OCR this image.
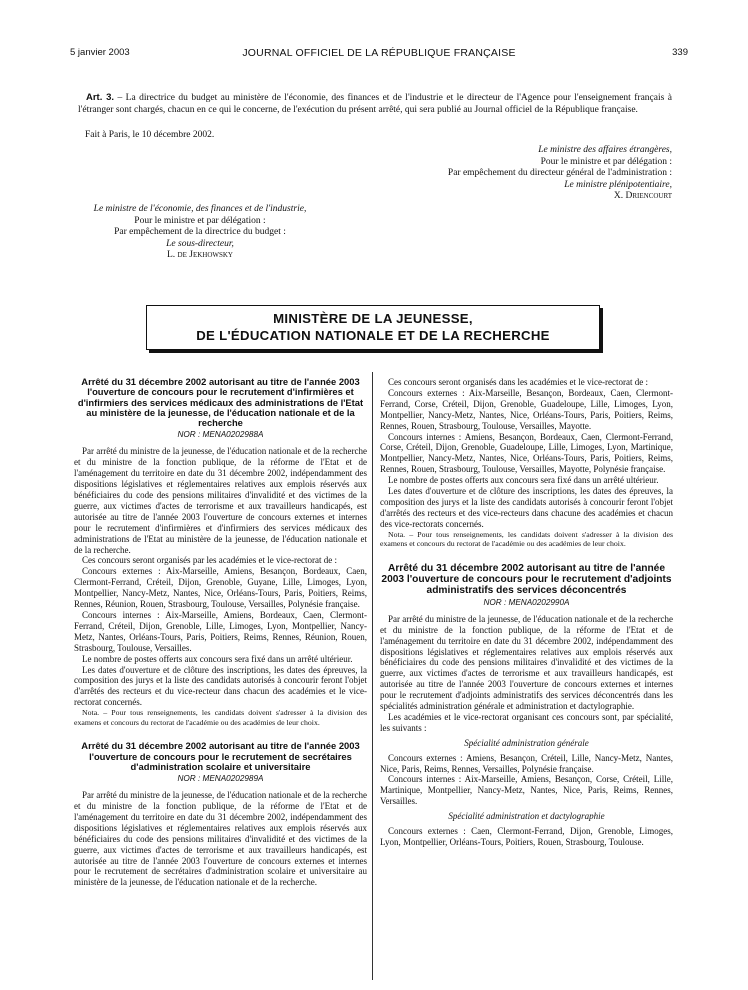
5 janvier 2003	JOURNAL OFFICIEL DE LA RÉPUBLIQUE FRANÇAISE	339
Art. 3. – La directrice du budget au ministère de l'économie, des finances et de l'industrie et le directeur de l'Agence pour l'enseignement français à l'étranger sont chargés, chacun en ce qui le concerne, de l'exécution du présent arrêté, qui sera publié au Journal officiel de la République française.
Fait à Paris, le 10 décembre 2002.
Le ministre des affaires étrangères,
Pour le ministre et par délégation :
Par empêchement du directeur général de l'administration :
Le ministre plénipotentiaire,
X. Driencourt
Le ministre de l'économie, des finances et de l'industrie,
Pour le ministre et par délégation :
Par empêchement de la directrice du budget :
Le sous-directeur,
L. de Jekhowsky
MINISTÈRE DE LA JEUNESSE,
DE L'ÉDUCATION NATIONALE ET DE LA RECHERCHE
Arrêté du 31 décembre 2002 autorisant au titre de l'année 2003 l'ouverture de concours pour le recrutement d'infirmières et d'infirmiers des services médicaux des administrations de l'Etat au ministère de la jeunesse, de l'éducation nationale et de la recherche
NOR : MENA0202988A

Par arrêté du ministre de la jeunesse, de l'éducation nationale et de la recherche et du ministre de la fonction publique, de la réforme de l'Etat et de l'aménagement du territoire en date du 31 décembre 2002, indépendamment des dispositions législatives et réglementaires relatives aux emplois réservés aux bénéficiaires du code des pensions militaires d'invalidité et des victimes de la guerre, aux victimes d'actes de terrorisme et aux travailleurs handicapés, est autorisée au titre de l'année 2003 l'ouverture de concours externes et internes pour le recrutement d'infirmières et d'infirmiers des services médicaux des administrations de l'Etat au ministère de la jeunesse, de l'éducation nationale et de la recherche.

Ces concours seront organisés par les académies et le vice-rectorat de :

Concours externes : Aix-Marseille, Amiens, Besançon, Bordeaux, Caen, Clermont-Ferrand, Créteil, Dijon, Grenoble, Guyane, Lille, Limoges, Lyon, Montpellier, Nancy-Metz, Nantes, Nice, Orléans-Tours, Paris, Poitiers, Reims, Rennes, Réunion, Rouen, Strasbourg, Toulouse, Versailles, Polynésie française.

Concours internes : Aix-Marseille, Amiens, Bordeaux, Caen, Clermont-Ferrand, Créteil, Dijon, Grenoble, Lille, Limoges, Lyon, Montpellier, Nancy-Metz, Nantes, Orléans-Tours, Paris, Poitiers, Reims, Rennes, Réunion, Rouen, Strasbourg, Toulouse, Versailles.

Le nombre de postes offerts aux concours sera fixé dans un arrêté ultérieur.

Les dates d'ouverture et de clôture des inscriptions, les dates des épreuves, la composition des jurys et la liste des candidats autorisés à concourir feront l'objet d'arrêtés des recteurs et du vice-recteur dans chacun des académies et le vice-rectorat concernés.

Nota. – Pour tous renseignements, les candidats doivent s'adresser à la division des examens et concours du rectorat de l'académie ou des académies de leur choix.

Arrêté du 31 décembre 2002 autorisant au titre de l'année 2003 l'ouverture de concours pour le recrutement de secrétaires d'administration scolaire et universitaire
NOR : MENA0202989A

Par arrêté du ministre de la jeunesse, de l'éducation nationale et de la recherche et du ministre de la fonction publique, de la réforme de l'Etat et de l'aménagement du territoire en date du 31 décembre 2002, indépendamment des dispositions législatives et réglementaires relatives aux emplois réservés aux bénéficiaires du code des pensions militaires d'invalidité et des victimes de la guerre, aux victimes d'actes de terrorisme et aux travailleurs handicapés, est autorisée au titre de l'année 2003 l'ouverture de concours externes et internes pour le recrutement de secrétaires d'administration scolaire et universitaire au ministère de la jeunesse, de l'éducation nationale et de la recherche.

Ces concours seront organisés dans les académies et le vice-rectorat de :

Concours externes : Aix-Marseille, Besançon, Bordeaux, Caen, Clermont-Ferrand, Corse, Créteil, Dijon, Grenoble, Guadeloupe, Lille, Limoges, Lyon, Montpellier, Nancy-Metz, Nantes, Nice, Orléans-Tours, Paris, Poitiers, Reims, Rennes, Rouen, Strasbourg, Toulouse, Versailles, Mayotte.

Concours internes : Amiens, Besançon, Bordeaux, Caen, Clermont-Ferrand, Corse, Créteil, Dijon, Grenoble, Guadeloupe, Lille, Limoges, Lyon, Martinique, Montpellier, Nancy-Metz, Nantes, Nice, Orléans-Tours, Paris, Poitiers, Reims, Rennes, Rouen, Strasbourg, Toulouse, Versailles, Mayotte, Polynésie française.

Le nombre de postes offerts aux concours sera fixé dans un arrêté ultérieur.

Les dates d'ouverture et de clôture des inscriptions, les dates des épreuves, la composition des jurys et la liste des candidats autorisés à concourir feront l'objet d'arrêtés des recteurs et des vice-recteurs dans chacune des académies et chacun des vice-rectorats concernés.

Nota. – Pour tous renseignements, les candidats doivent s'adresser à la division des examens et concours du rectorat de l'académie ou des académies de leur choix.

Arrêté du 31 décembre 2002 autorisant au titre de l'année 2003 l'ouverture de concours pour le recrutement d'adjoints administratifs des services déconcentrés
NOR : MENA0202990A

Par arrêté du ministre de la jeunesse, de l'éducation nationale et de la recherche et du ministre de la fonction publique, de la réforme de l'Etat et de l'aménagement du territoire en date du 31 décembre 2002, indépendamment des dispositions législatives et réglementaires relatives aux emplois réservés aux bénéficiaires du code des pensions militaires d'invalidité et des victimes de la guerre, aux victimes d'actes de terrorisme et aux travailleurs handicapés, est autorisée au titre de l'année 2003 l'ouverture de concours externes et internes pour le recrutement d'adjoints administratifs des services déconcentrés dans les spécialités administration générale et administration et dactylographie.

Les académies et le vice-rectorat organisant ces concours sont, par spécialité, les suivants :

Spécialité administration générale

Concours externes : Amiens, Besançon, Créteil, Lille, Nancy-Metz, Nantes, Nice, Paris, Reims, Rennes, Versailles, Polynésie française.

Concours internes : Aix-Marseille, Amiens, Besançon, Corse, Créteil, Lille, Martinique, Montpellier, Nancy-Metz, Nantes, Nice, Paris, Reims, Rennes, Versailles.

Spécialité administration et dactylographie

Concours externes : Caen, Clermont-Ferrand, Dijon, Grenoble, Limoges, Lyon, Montpellier, Orléans-Tours, Poitiers, Rouen, Strasbourg, Toulouse.
